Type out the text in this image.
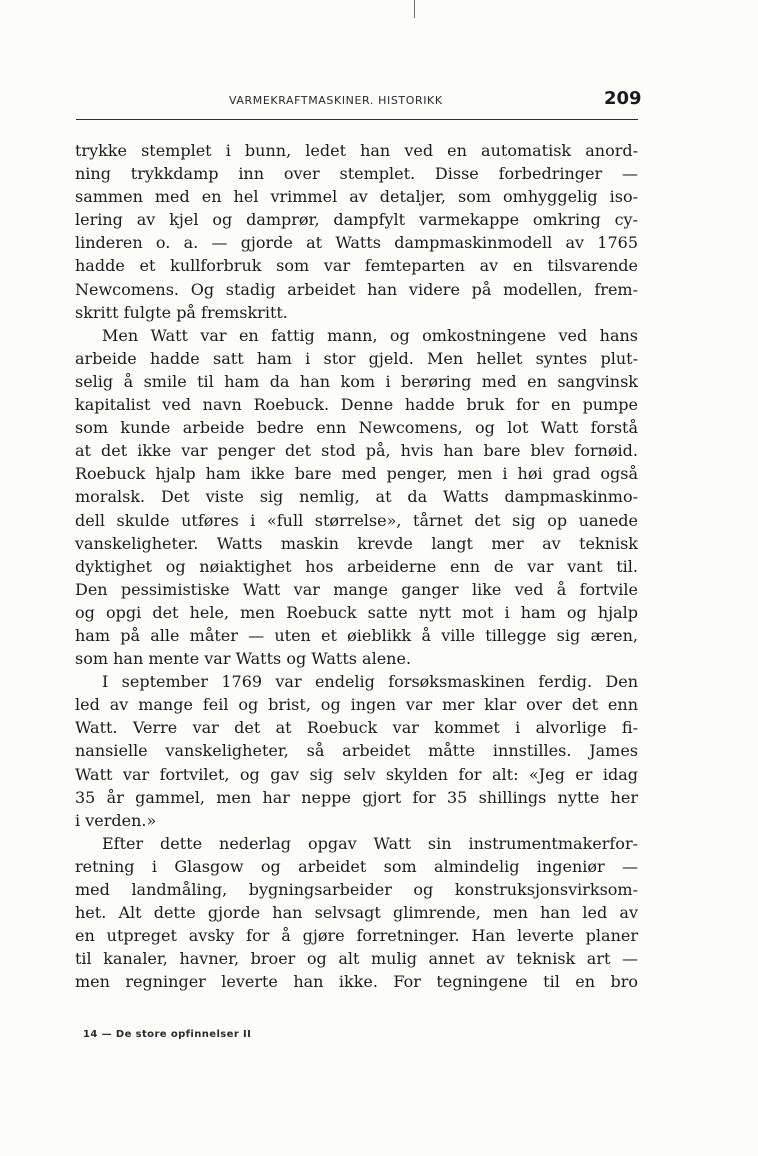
VARMEKRAFTMASKINER. HISTORIKK	209
trykke stemplet i bunn, ledet han ved en automatisk anord-
ning trykkdamp inn over stemplet. Disse forbedringer —
sammen med en hel vrimmel av detaljer, som omhyggelig iso-
lering av kjel og damprør, dampfylt varmekappe omkring cy-
linderen o. a. — gjorde at Watts dampmaskinmodell av 1765
hadde et kullforbruk som var femteparten av en tilsvarende
Newcomens. Og stadig arbeidet han videre på modellen, frem-
skritt fulgte på fremskritt.
Men Watt var en fattig mann, og omkostningene ved hans
arbeide hadde satt ham i stor gjeld. Men hellet syntes plut-
selig å smile til ham da han kom i berøring med en sangvinsk
kapitalist ved navn Roebuck. Denne hadde bruk for en pumpe
som kunde arbeide bedre enn Newcomens, og lot Watt forstå
at det ikke var penger det stod på, hvis han bare blev fornøid.
Roebuck hjalp ham ikke bare med penger, men i høi grad også
moralsk. Det viste sig nemlig, at da Watts dampmaskinmo-
dell skulde utføres i «full størrelse», tårnet det sig op uanede
vanskeligheter. Watts maskin krevde langt mer av teknisk
dyktighet og nøiaktighet hos arbeiderne enn de var vant til.
Den pessimistiske Watt var mange ganger like ved å fortvile
og opgi det hele, men Roebuck satte nytt mot i ham og hjalp
ham på alle måter — uten et øieblikk å ville tillegge sig æren,
som han mente var Watts og Watts alene.
I september 1769 var endelig forsøksmaskinen ferdig. Den
led av mange feil og brist, og ingen var mer klar over det enn
Watt. Verre var det at Roebuck var kommet i alvorlige fi-
nansielle vanskeligheter, så arbeidet måtte innstilles. James
Watt var fortvilet, og gav sig selv skylden for alt: «Jeg er idag
35 år gammel, men har neppe gjort for 35 shillings nytte her
i verden.»
Efter dette nederlag opgav Watt sin instrumentmakerfor-
retning i Glasgow og arbeidet som almindelig ingeniør —
med landmåling, bygningsarbeider og konstruksjonsvirksom-
het. Alt dette gjorde han selvsagt glimrende, men han led av
en utpreget avsky for å gjøre forretninger. Han leverte planer
til kanaler, havner, broer og alt mulig annet av teknisk art —
men regninger leverte han ikke. For tegningene til en bro
14 — De store opfinnelser II
